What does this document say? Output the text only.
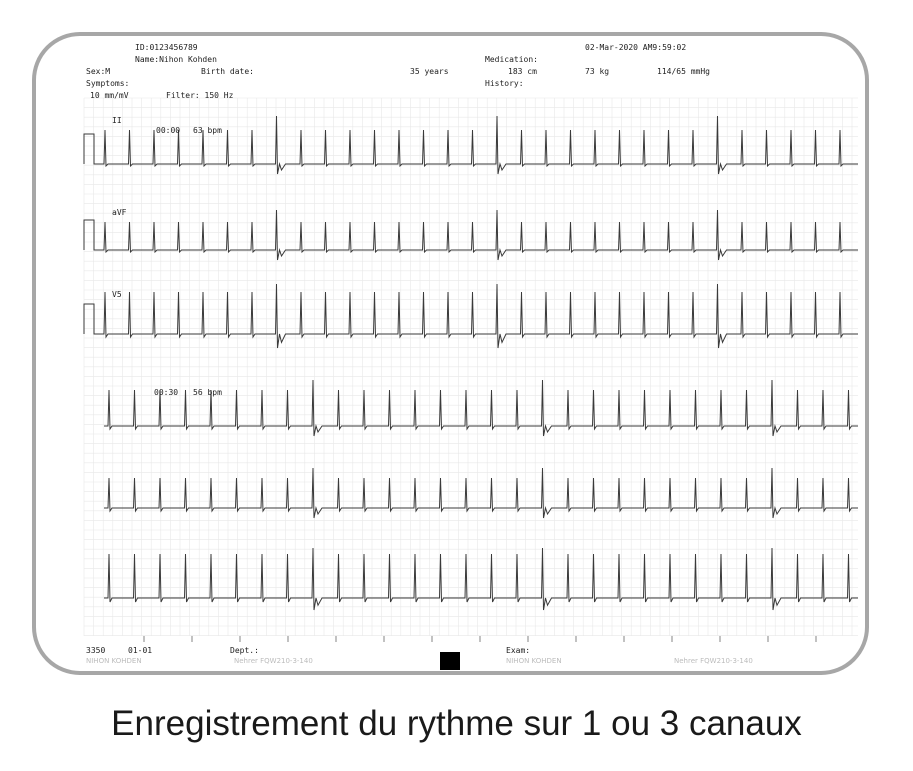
ID:0123456789
Name:Nihon Kohden
02-Mar-2020 AM9:59:02
Medication:
Sex:M	Birth date:	35 years	183 cm	73 kg	114/65 mmHg
Symptoms:	History:
10 mm/mV	Filter: 150 Hz
II
aVF
V5
00:00 63 bpm
00:30 56 bpm
3350	01-01	Dept.:	Exam:
NIHON KOHDEN	Nehrer FQW210-3-140	NIHON KOHDEN	Nehrer FQW210-3-140
Enregistrement du rythme sur 1 ou 3 canaux
